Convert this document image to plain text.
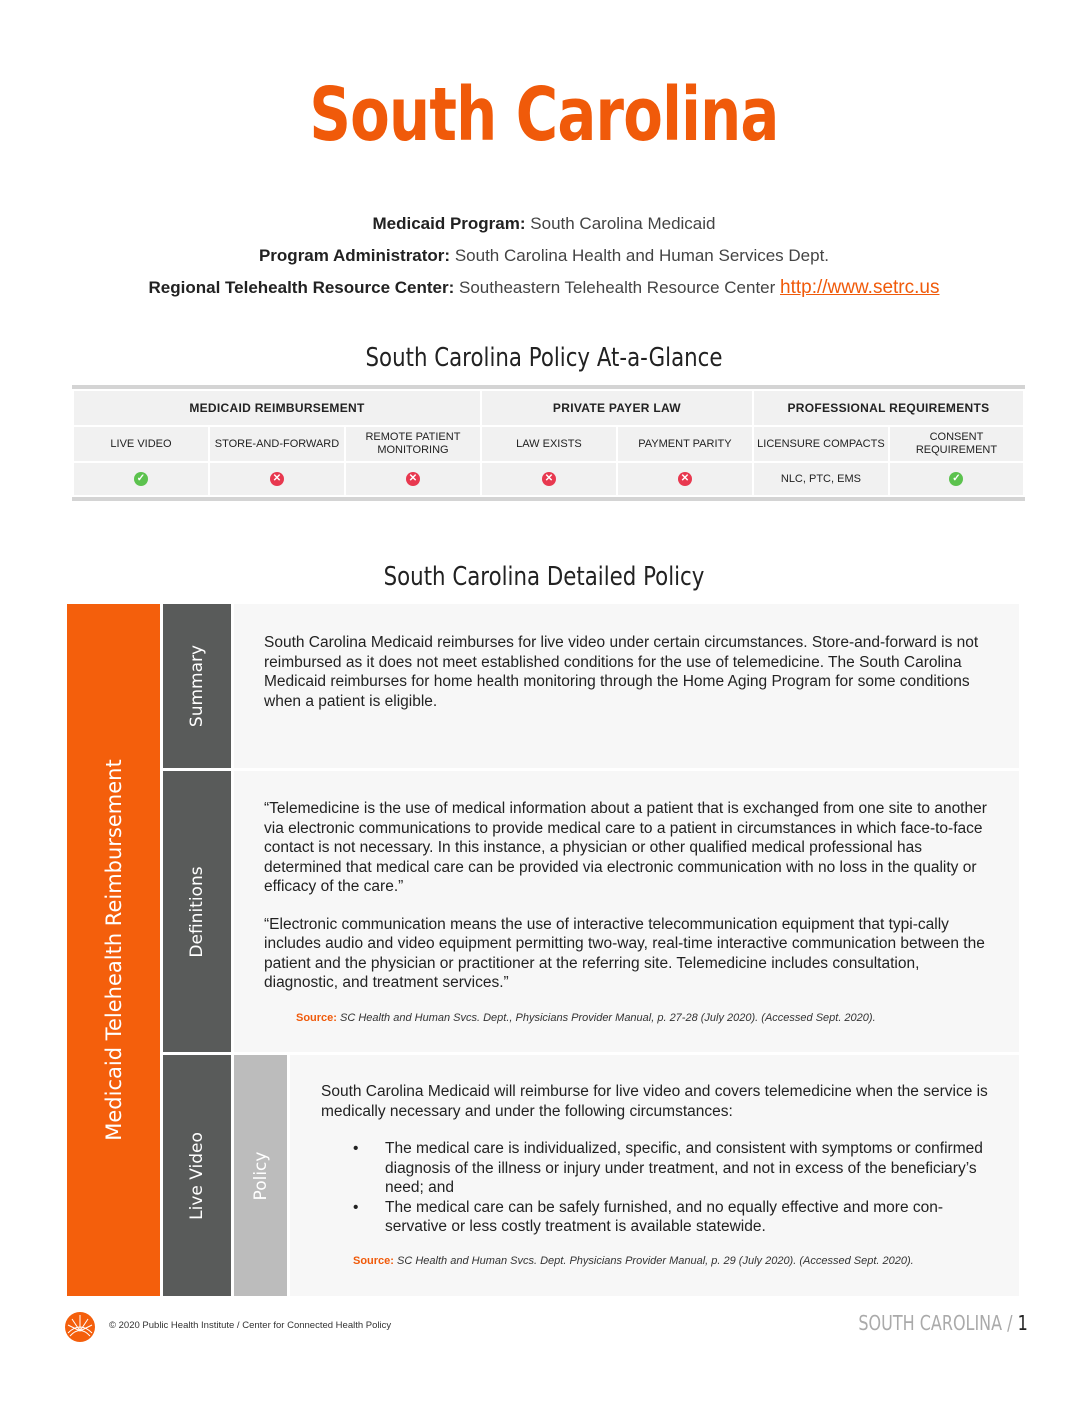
South Carolina
Medicaid Program: South Carolina Medicaid
Program Administrator: South Carolina Health and Human Services Dept.
Regional Telehealth Resource Center: Southeastern Telehealth Resource Center http://www.setrc.us
South Carolina Policy At-a-Glance
MEDICAID REIMBURSEMENT			PRIVATE PAYER LAW		PROFESSIONAL REQUIREMENTS	
LIVE VIDEO	STORE-AND-FORWARD	REMOTE PATIENT MONITORING	LAW EXISTS	PAYMENT PARITY	LICENSURE COMPACTS	CONSENT REQUIREMENT
✓	✕	✕	✕	✕	NLC, PTC, EMS	✓
South Carolina Detailed Policy
Medicaid Telehealth Reimbursement
Summary

South Carolina Medicaid reimburses for live video under certain circumstances. Store-and-forward is not reimbursed as it does not meet established conditions for the use of telemedicine. The South Carolina Medicaid reimburses for home health monitoring through the Home Aging Program for some conditions when a patient is eligible.

Definitions

“Telemedicine is the use of medical information about a patient that is exchanged from one site to another via electronic communications to provide medical care to a patient in circumstances in which face-to-face contact is not necessary. In this instance, a physician or other qualified medical professional has determined that medical care can be provided via electronic communication with no loss in the quality or efficacy of the care.”

“Electronic communication means the use of interactive telecommunication equipment that typi-cally includes audio and video equipment permitting two-way, real-time interactive communication between the patient and the physician or practitioner at the referring site. Telemedicine includes consultation, diagnostic, and treatment services.”

Source: SC Health and Human Svcs. Dept., Physicians Provider Manual, p. 27-28 (July 2020). (Accessed Sept. 2020).
Live Video	Policy

South Carolina Medicaid will reimburse for live video and covers telemedicine when the service is medically necessary and under the following circumstances:

• The medical care is individualized, specific, and consistent with symptoms or confirmed diagnosis of the illness or injury under treatment, and not in excess of the beneficiary’s need; and
• The medical care can be safely furnished, and no equally effective and more con-servative or less costly treatment is available statewide.
Source: SC Health and Human Svcs. Dept. Physicians Provider Manual, p. 29 (July 2020). (Accessed Sept. 2020).
© 2020 Public Health Institute / Center for Connected Health Policy	SOUTH CAROLINA / 1
